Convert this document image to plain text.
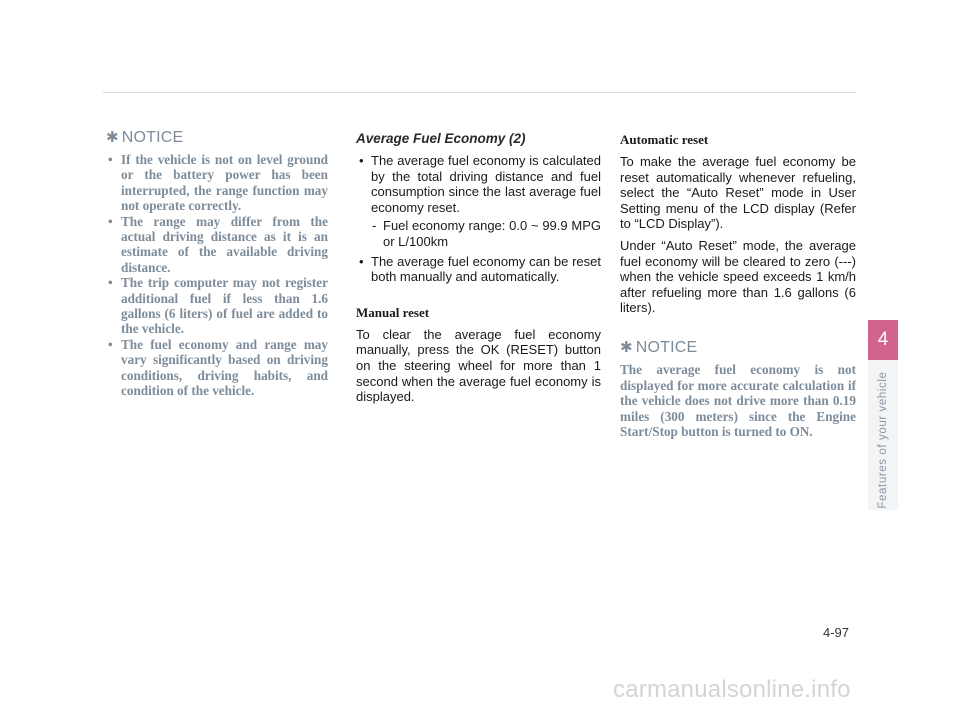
✱ NOTICE
• If the vehicle is not on level ground or the battery power has been interrupted, the range function may not operate correctly.
• The range may differ from the actual driving distance as it is an estimate of the available driving distance.
• The trip computer may not register additional fuel if less than 1.6 gallons (6 liters) of fuel are added to the vehicle.
• The fuel economy and range may vary significantly based on driving conditions, driving habits, and condition of the vehicle.
Average Fuel Economy (2)
• The average fuel economy is calculated by the total driving distance and fuel consumption since the last average fuel economy reset.
- Fuel economy range: 0.0 ~ 99.9 MPG or L/100km
• The average fuel economy can be reset both manually and automatically.
Manual reset

To clear the average fuel economy manually, press the OK (RESET) button on the steering wheel for more than 1 second when the average fuel economy is displayed.

Automatic reset

To make the average fuel economy be reset automatically whenever refueling, select the “Auto Reset” mode in User Setting menu of the LCD display (Refer to “LCD Display”).

Under “Auto Reset” mode, the average fuel economy will be cleared to zero (---) when the vehicle speed exceeds 1 km/h after refueling more than 1.6 gallons (6 liters).

✱ NOTICE

The average fuel economy is not displayed for more accurate calculation if the vehicle does not drive more than 0.19 miles (300 meters) since the Engine Start/Stop button is turned to ON.

4
Features of your vehicle
4-97
carmanualsonline.info
